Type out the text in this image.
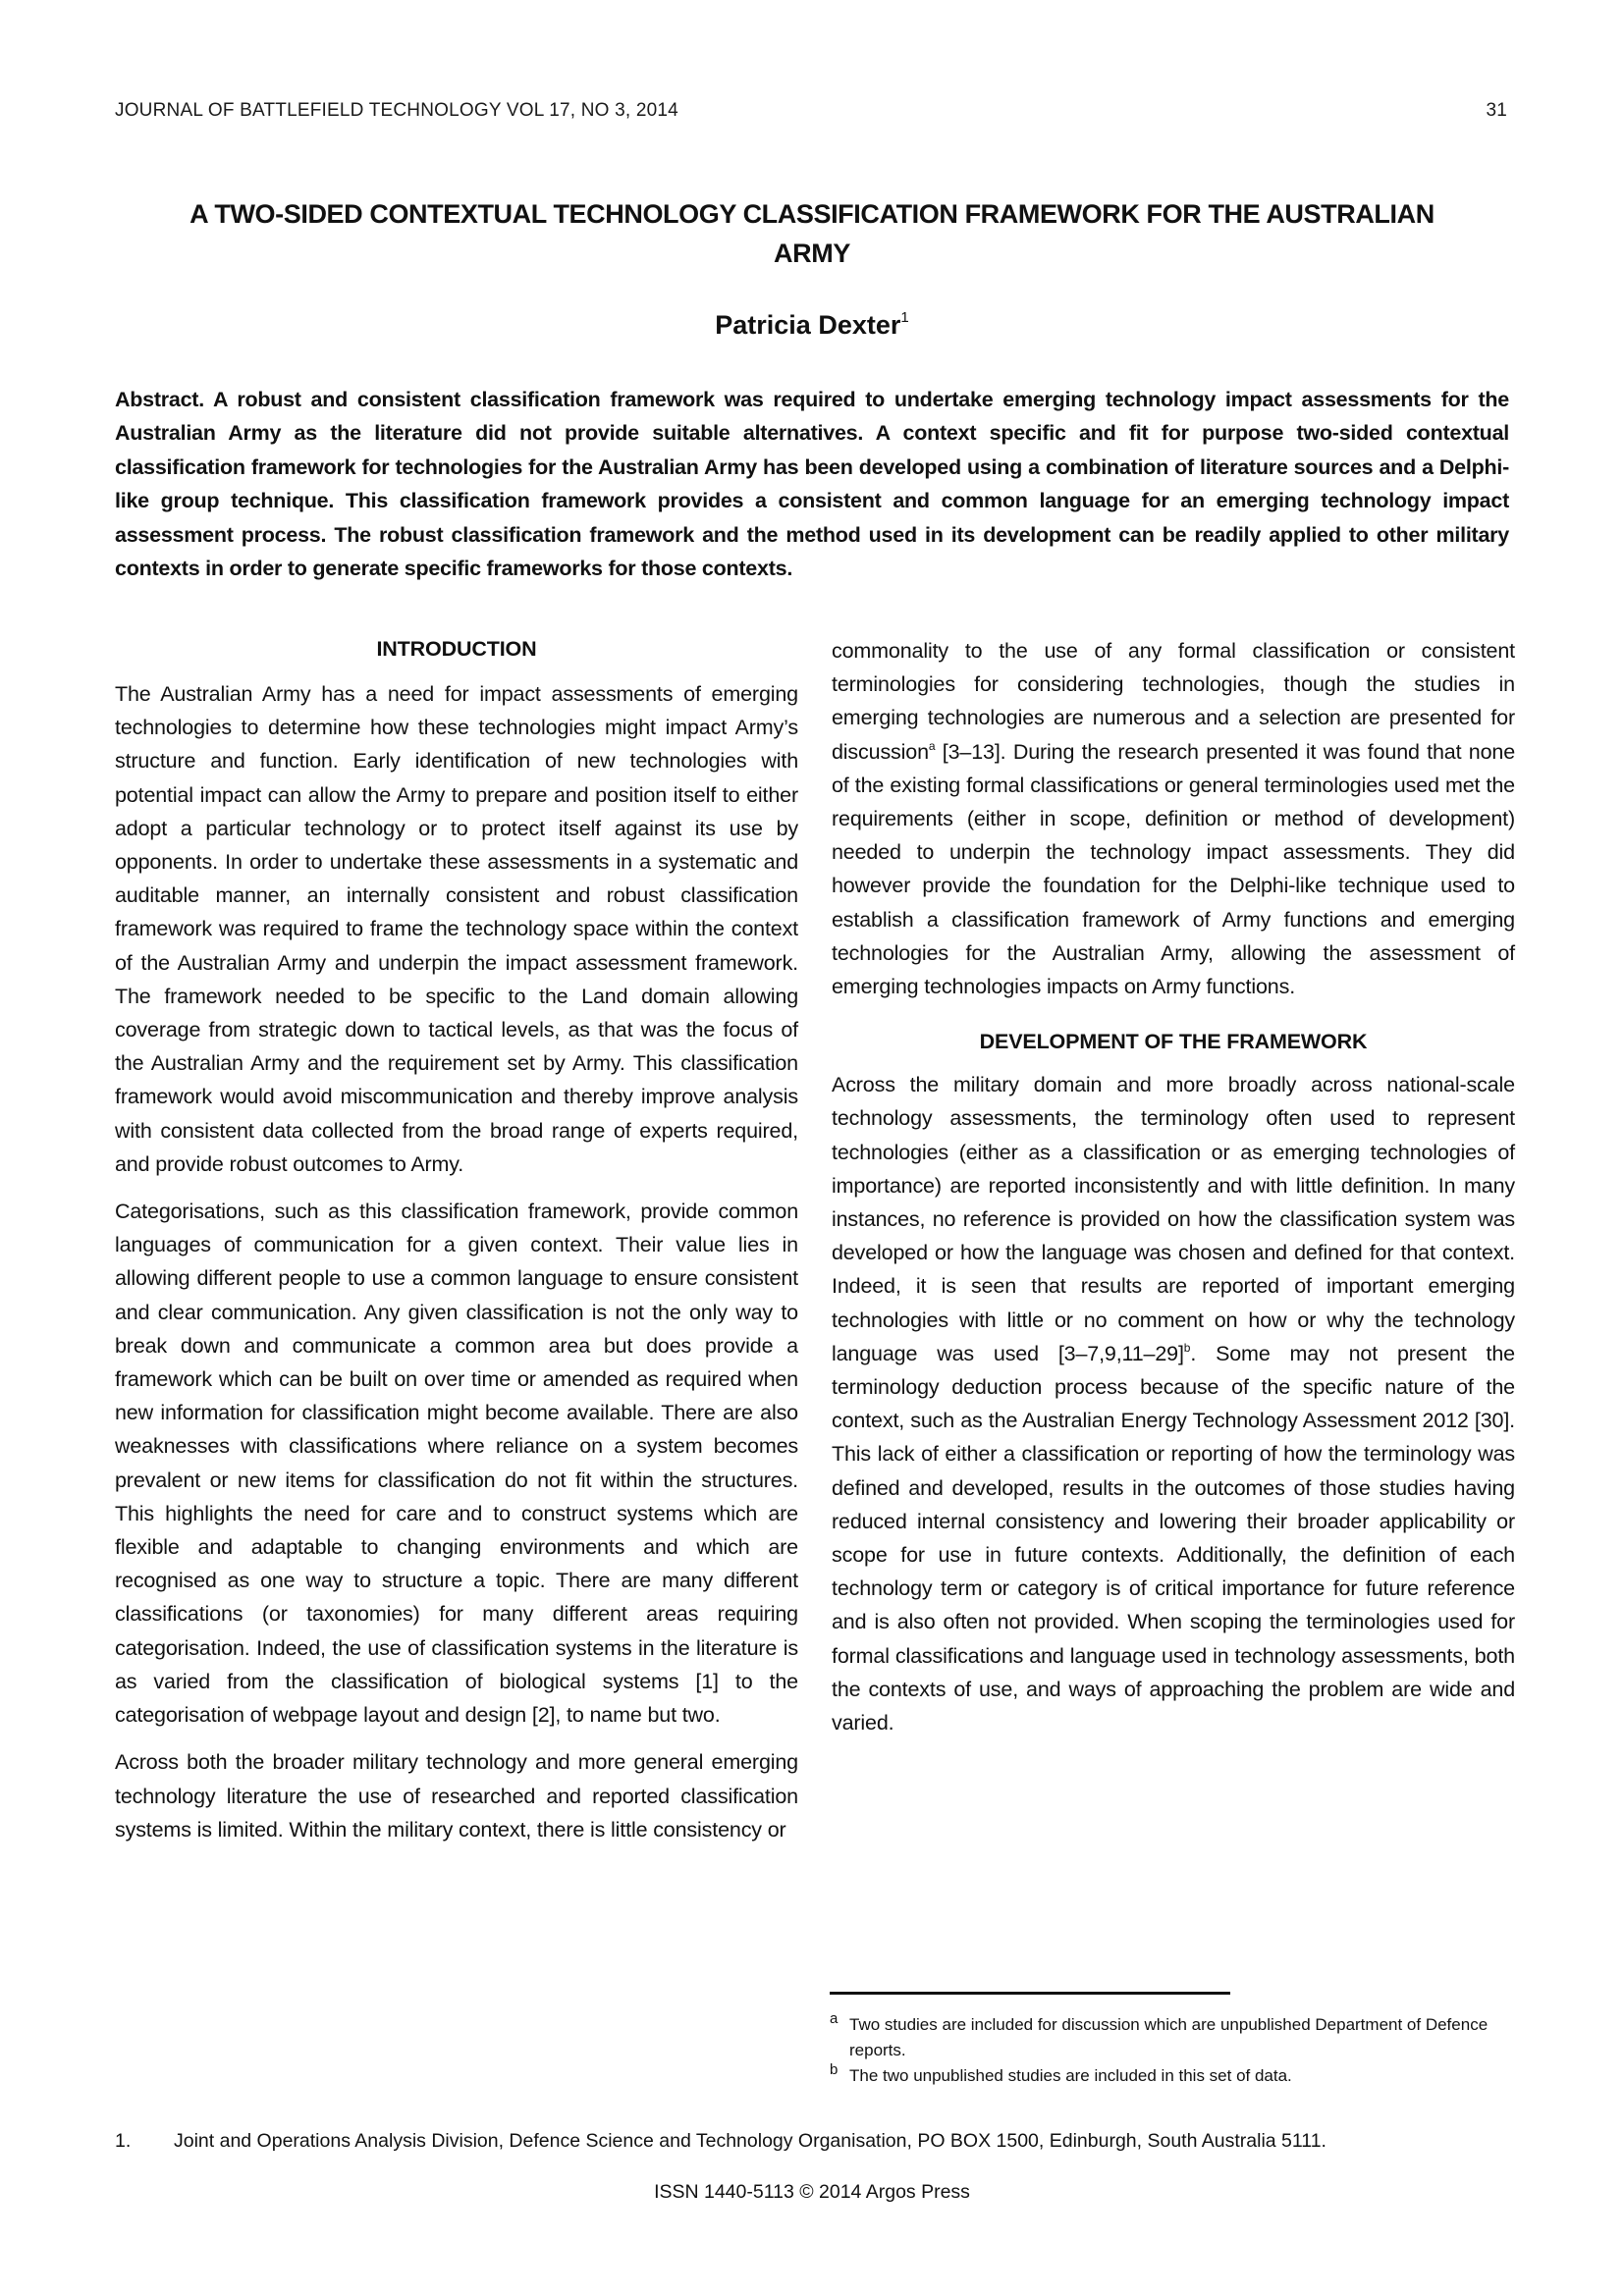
JOURNAL OF BATTLEFIELD TECHNOLOGY VOL 17, NO 3, 2014	31
A TWO-SIDED CONTEXTUAL TECHNOLOGY CLASSIFICATION FRAMEWORK FOR THE AUSTRALIAN
ARMY
Patricia Dexter$^1$
Abstract. A robust and consistent classification framework was required to undertake emerging technology impact assessments for the Australian Army as the literature did not provide suitable alternatives. A context specific and fit for purpose two-sided contextual classification framework for technologies for the Australian Army has been developed using a combination of literature sources and a Delphi-like group technique. This classification framework provides a consistent and common language for an emerging technology impact assessment process. The robust classification framework and the method used in its development can be readily applied to other military contexts in order to generate specific frameworks for those contexts.
INTRODUCTION

The Australian Army has a need for impact assessments of emerging technologies to determine how these technologies might impact Army’s structure and function. Early identification of new technologies with potential impact can allow the Army to prepare and position itself to either adopt a particular technology or to protect itself against its use by opponents. In order to undertake these assessments in a systematic and auditable manner, an internally consistent and robust classification framework was required to frame the technology space within the context of the Australian Army and underpin the impact assessment framework. The framework needed to be specific to the Land domain allowing coverage from strategic down to tactical levels, as that was the focus of the Australian Army and the requirement set by Army. This classification framework would avoid miscommunication and thereby improve analysis with consistent data collected from the broad range of experts required, and provide robust outcomes to Army.

Categorisations, such as this classification framework, provide common languages of communication for a given context. Their value lies in allowing different people to use a common language to ensure consistent and clear communication. Any given classification is not the only way to break down and communicate a common area but does provide a framework which can be built on over time or amended as required when new information for classification might become available. There are also weaknesses with classifications where reliance on a system becomes prevalent or new items for classification do not fit within the structures. This highlights the need for care and to construct systems which are flexible and adaptable to changing environments and which are recognised as one way to structure a topic. There are many different classifications (or taxonomies) for many different areas requiring categorisation. Indeed, the use of classification systems in the literature is as varied from the classification of biological systems [1] to the categorisation of webpage layout and design [2], to name but two.

Across both the broader military technology and more general emerging technology literature the use of researched and reported classification systems is limited. Within the military context, there is little consistency or

commonality to the use of any formal classification or consistent terminologies for considering technologies, though the studies in emerging technologies are numerous and a selection are presented for discussion$^a$ [3–13]. During the research presented it was found that none of the existing formal classifications or general terminologies used met the requirements (either in scope, definition or method of development) needed to underpin the technology impact assessments. They did however provide the foundation for the Delphi-like technique used to establish a classification framework of Army functions and emerging technologies for the Australian Army, allowing the assessment of emerging technologies impacts on Army functions.

DEVELOPMENT OF THE FRAMEWORK

Across the military domain and more broadly across national-scale technology assessments, the terminology often used to represent technologies (either as a classification or as emerging technologies of importance) are reported inconsistently and with little definition. In many instances, no reference is provided on how the classification system was developed or how the language was chosen and defined for that context. Indeed, it is seen that results are reported of important emerging technologies with little or no comment on how or why the technology language was used [3–7,9,11–29]$^b$. Some may not present the terminology deduction process because of the specific nature of the context, such as the Australian Energy Technology Assessment 2012 [30]. This lack of either a classification or reporting of how the terminology was defined and developed, results in the outcomes of those studies having reduced internal consistency and lowering their broader applicability or scope for use in future contexts. Additionally, the definition of each technology term or category is of critical importance for future reference and is also often not provided. When scoping the terminologies used for formal classifications and language used in technology assessments, both the contexts of use, and ways of approaching the problem are wide and varied.

a Two studies are included for discussion which are unpublished Department of Defence reports.
b The two unpublished studies are included in this set of data.
1.	Joint and Operations Analysis Division, Defence Science and Technology Organisation, PO BOX 1500, Edinburgh, South Australia 5111.
ISSN 1440-5113 © 2014 Argos Press
